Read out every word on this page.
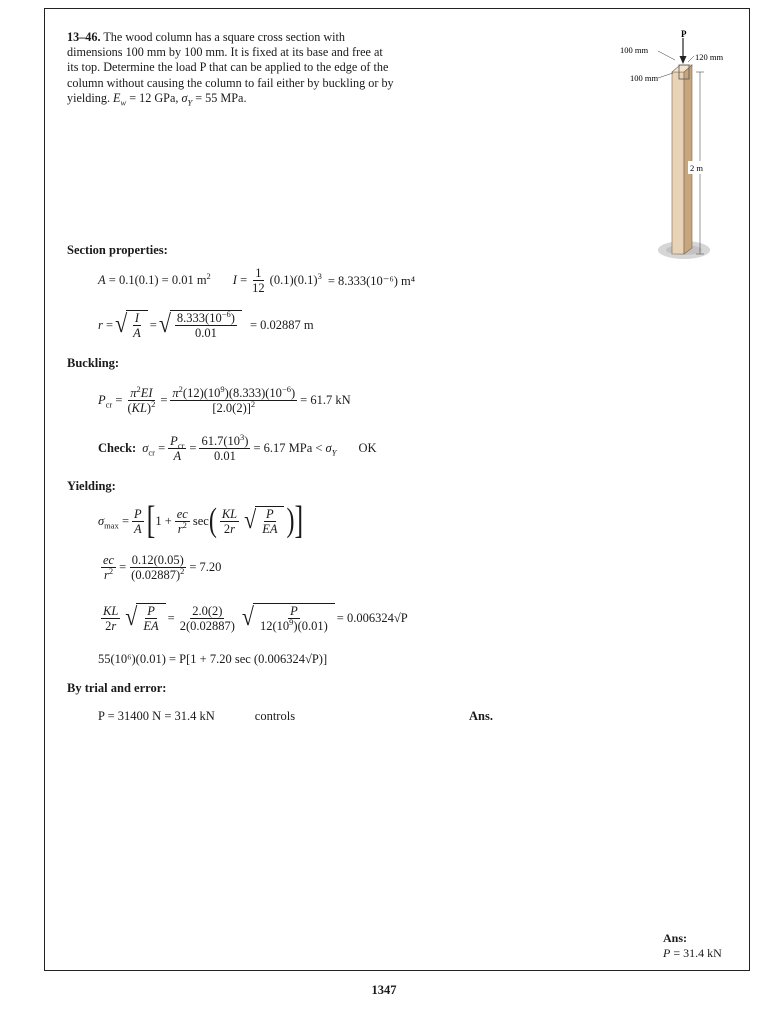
13–46. The wood column has a square cross section with dimensions 100 mm by 100 mm. It is fixed at its base and free at its top. Determine the load P that can be applied to the edge of the column without causing the column to fail either by buckling or by yielding. $E_w = 12$ GPa, $\sigma_Y = 55$ MPa.
P
100 mm
100 mm
120 mm
2 m
Section properties:
A = 0.1(0.1) = 0.01 $m^2$ $I = \frac{1}{12} (0.1)(0.1)^3 = 8.333(10^{-6})$ m⁴
r = √ $\frac{I}{A}$ = √ $\frac{8.333(10^{-6})}{0.01} = 0.02887$ m
Buckling:
$P_{cr} = \frac{\pi^2EI}{(KL)^2} = \frac{\pi^2(12)(10^9)(8.333)(10^{-6})}{[2.0(2)]^2} = 61.7$ kN
Check: $\sigma_{cr} = \frac{P_{cr}}{A} = \frac{61.7(10^3)}{0.01} = 6.17$ MPa < $\sigma_Y$ OK
Yielding:
$\sigma_{max} = \frac{P}{A}$ [ $1 + \frac{ec}{r^2}$ sec ( $\frac{KL}{2r}$ √ $\frac{P}{EA}$ ) ]
$\frac{ec}{r^2} = \frac{0.12(0.05)}{(0.02887)^2} = 7.20$
$\frac{KL}{2r}$ √ $\frac{P}{EA} = \frac{2.0(2)}{2(0.02887)}$ √ $\frac{P}{12(10^9)(0.01)} = 0.006324√P$
55(10⁶)(0.01) = P[1 + 7.20 sec (0.006324√P)]
By trial and error:
P = 31400 N = 31.4 kN	controls	Ans.
Ans:
P = 31.4 kN
1347
